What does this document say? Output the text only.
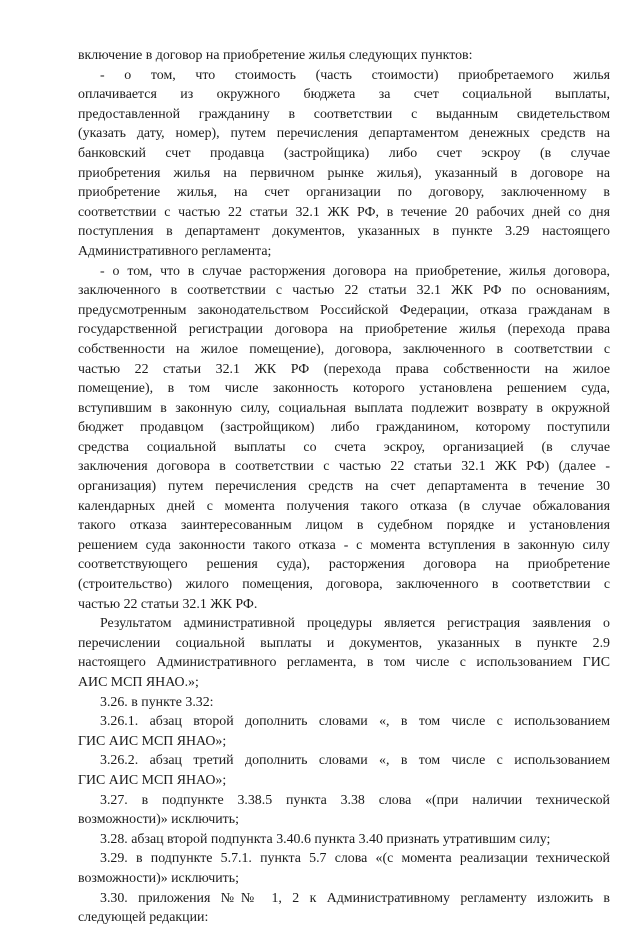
включение в договор на приобретение жилья следующих пунктов:
- о том, что стоимость (часть стоимости) приобретаемого жилья
оплачивается из окружного бюджета за счет социальной выплаты,
предоставленной гражданину в соответствии с выданным свидетельством
(указать дату, номер), путем перечисления департаментом денежных средств на
банковский счет продавца (застройщика) либо счет эскроу (в случае
приобретения жилья на первичном рынке жилья), указанный в договоре на
приобретение жилья, на счет организации по договору, заключенному в
соответствии с частью 22 статьи 32.1 ЖК РФ, в течение 20 рабочих дней со дня
поступления в департамент документов, указанных в пункте 3.29 настоящего
Административного регламента;
- о том, что в случае расторжения договора на приобретение, жилья договора,
заключенного в соответствии с частью 22 статьи 32.1 ЖК РФ по основаниям,
предусмотренным законодательством Российской Федерации, отказа гражданам в
государственной регистрации договора на приобретение жилья (перехода права
собственности на жилое помещение), договора, заключенного в соответствии с
частью 22 статьи 32.1 ЖК РФ (перехода права собственности на жилое
помещение), в том числе законность которого установлена решением суда,
вступившим в законную силу, социальная выплата подлежит возврату в окружной
бюджет продавцом (застройщиком) либо гражданином, которому поступили
средства социальной выплаты со счета эскроу, организацией (в случае
заключения договора в соответствии с частью 22 статьи 32.1 ЖК РФ) (далее -
организация) путем перечисления средств на счет департамента в течение 30
календарных дней с момента получения такого отказа (в случае обжалования
такого отказа заинтересованным лицом в судебном порядке и установления
решением суда законности такого отказа - с момента вступления в законную силу
соответствующего решения суда), расторжения договора на приобретение
(строительство) жилого помещения, договора, заключенного в соответствии с
частью 22 статьи 32.1 ЖК РФ.
Результатом административной процедуры является регистрация заявления о
перечислении социальной выплаты и документов, указанных в пункте 2.9
настоящего Административного регламента, в том числе с использованием ГИС
АИС МСП ЯНАО.»;
3.26. в пункте 3.32:
3.26.1. абзац второй дополнить словами «, в том числе с использованием
ГИС АИС МСП ЯНАО»;
3.26.2. абзац третий дополнить словами «, в том числе с использованием
ГИС АИС МСП ЯНАО»;
3.27. в подпункте 3.38.5 пункта 3.38 слова «(при наличии технической
возможности)» исключить;
3.28. абзац второй подпункта 3.40.6 пункта 3.40 признать утратившим силу;
3.29. в подпункте 5.7.1. пункта 5.7 слова «(с момента реализации технической
возможности)» исключить;
3.30. приложения №№ 1, 2 к Административному регламенту изложить в
следующей редакции:
